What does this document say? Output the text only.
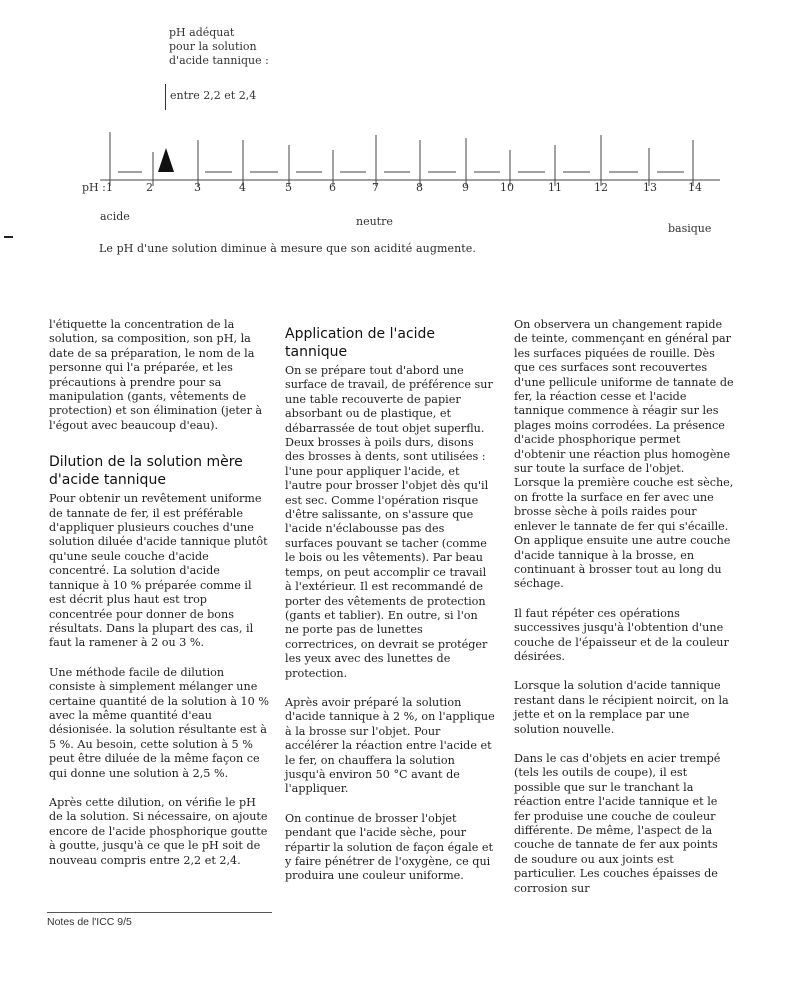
pH adéquat
pour la solution
d'acide tannique :
entre 2,2 et 2,4
pH : 1	2	3	4	5	6	7	8	9	10	11	12	13	14
acide	neutre
basique
Le pH d'une solution diminue à mesure que son acidité augmente.

l'étiquette la concentration de la solution, sa composition, son pH, la date de sa préparation, le nom de la personne qui l'a préparée, et les précautions à prendre pour sa manipulation (gants, vêtements de protection) et son élimination (jeter à l'égout avec beaucoup d'eau).

Dilution de la solution mère d'acide tannique

Pour obtenir un revêtement uniforme de tannate de fer, il est préférable d'appliquer plusieurs couches d'une solution diluée d'acide tannique plutôt qu'une seule couche d'acide concentré. La solution d'acide tannique à 10 % préparée comme il est décrit plus haut est trop concentrée pour donner de bons résultats. Dans la plupart des cas, il faut la ramener à 2 ou 3 %.

Une méthode facile de dilution consiste à simplement mélanger une certaine quantité de la solution à 10 % avec la même quantité d'eau désionisée. la solution résultante est à 5 %. Au besoin, cette solution à 5 % peut être diluée de la même façon ce qui donne une solution à 2,5 %.

Après cette dilution, on vérifie le pH de la solution. Si nécessaire, on ajoute encore de l'acide phosphorique goutte à goutte, jusqu'à ce que le pH soit de nouveau compris entre 2,2 et 2,4.

Application de l'acide tannique

On se prépare tout d'abord une surface de travail, de préférence sur une table recouverte de papier absorbant ou de plastique, et débarrassée de tout objet superflu. Deux brosses à poils durs, disons des brosses à dents, sont utilisées : l'une pour appliquer l'acide, et l'autre pour brosser l'objet dès qu'il est sec. Comme l'opération risque d'être salissante, on s'assure que l'acide n'éclabousse pas des surfaces pouvant se tacher (comme le bois ou les vêtements). Par beau temps, on peut accomplir ce travail à l'extérieur. Il est recommandé de porter des vêtements de protection (gants et tablier). En outre, si l'on ne porte pas de lunettes correctrices, on devrait se protéger les yeux avec des lunettes de protection.

Après avoir préparé la solution d'acide tannique à 2 %, on l'applique à la brosse sur l'objet. Pour accélérer la réaction entre l'acide et le fer, on chauffera la solution jusqu'à environ 50 °C avant de l'appliquer.

On continue de brosser l'objet pendant que l'acide sèche, pour répartir la solution de façon égale et y faire pénétrer de l'oxygène, ce qui produira une couleur uniforme.

On observera un changement rapide de teinte, commençant en général par les surfaces piquées de rouille. Dès que ces surfaces sont recouvertes d'une pellicule uniforme de tannate de fer, la réaction cesse et l'acide tannique commence à réagir sur les plages moins corrodées. La présence d'acide phosphorique permet d'obtenir une réaction plus homogène sur toute la surface de l'objet. Lorsque la première couche est sèche, on frotte la surface en fer avec une brosse sèche à poils raides pour enlever le tannate de fer qui s'écaille. On applique ensuite une autre couche d'acide tannique à la brosse, en continuant à brosser tout au long du séchage.

Il faut répéter ces opérations successives jusqu'à l'obtention d'une couche de l'épaisseur et de la couleur désirées.

Lorsque la solution d'acide tannique restant dans le récipient noircit, on la jette et on la remplace par une solution nouvelle.

Dans le cas d'objets en acier trempé (tels les outils de coupe), il est possible que sur le tranchant la réaction entre l'acide tannique et le fer produise une couche de couleur différente. De même, l'aspect de la couche de tannate de fer aux points de soudure ou aux joints est particulier. Les couches épaisses de corrosion sur

Notes de l'ICC 9/5
